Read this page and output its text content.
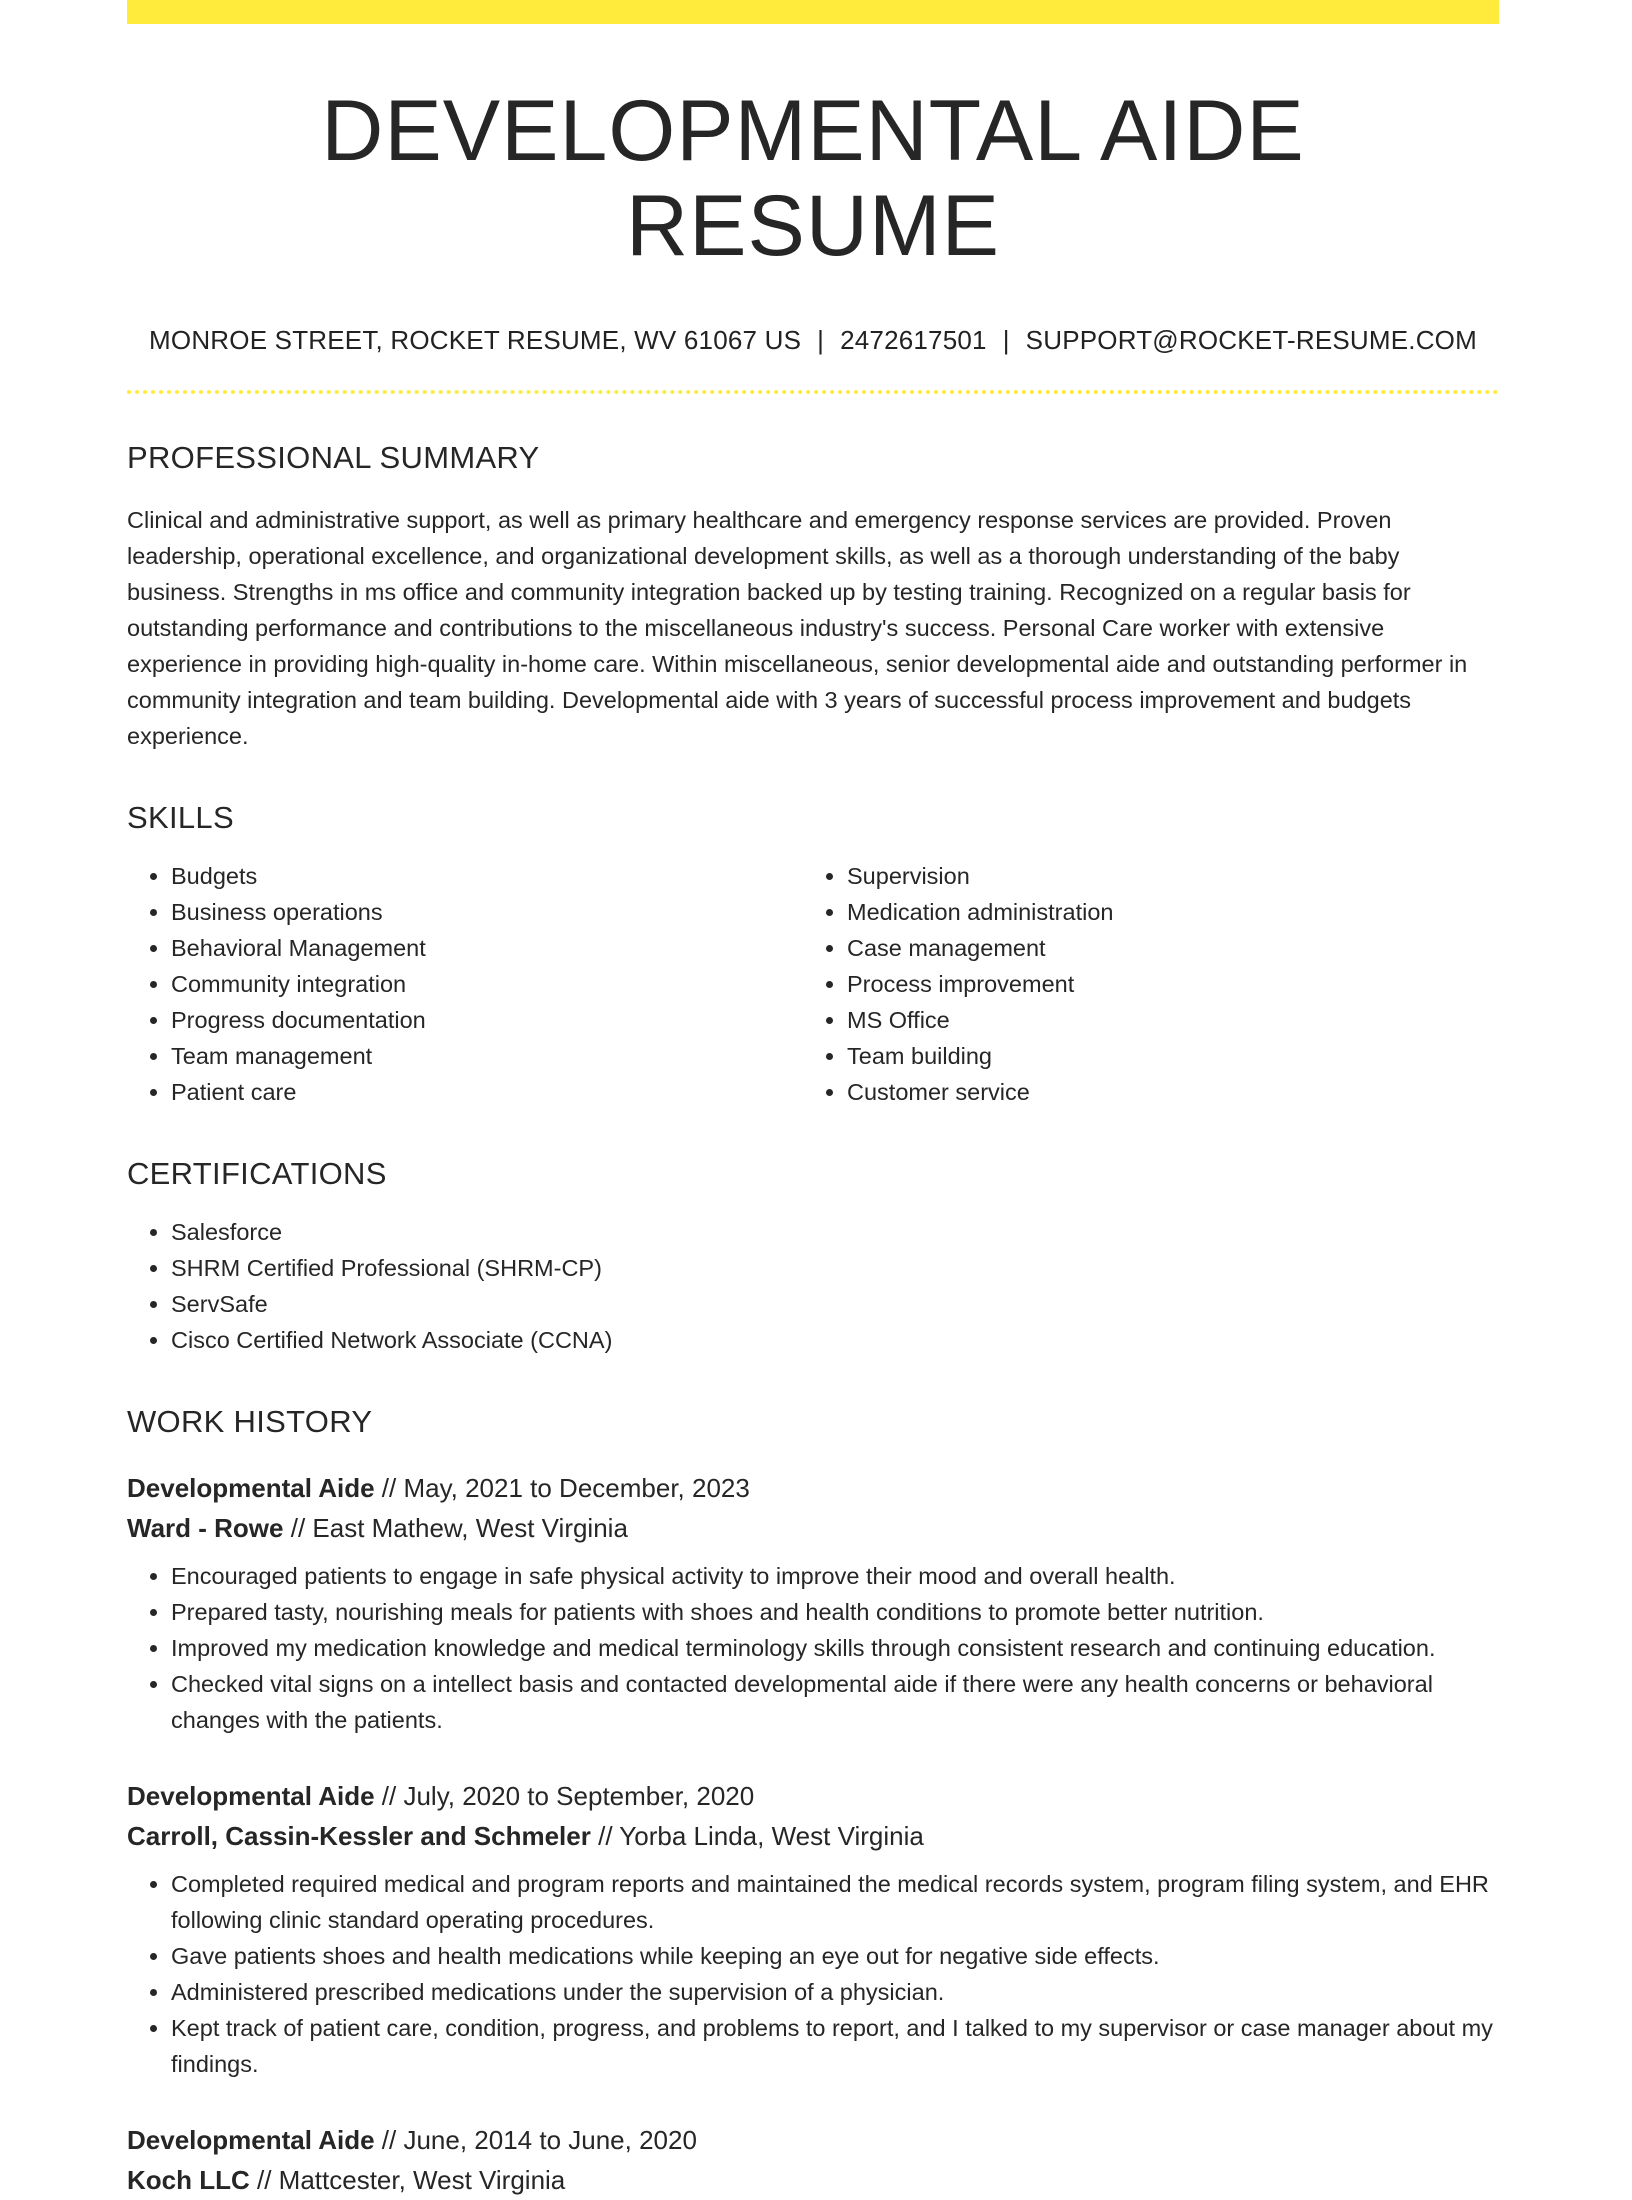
DEVELOPMENTAL AIDE RESUME
MONROE STREET, ROCKET RESUME, WV 61067 US | 2472617501 | SUPPORT@ROCKET-RESUME.COM
PROFESSIONAL SUMMARY
Clinical and administrative support, as well as primary healthcare and emergency response services are provided. Proven leadership, operational excellence, and organizational development skills, as well as a thorough understanding of the baby business. Strengths in ms office and community integration backed up by testing training. Recognized on a regular basis for outstanding performance and contributions to the miscellaneous industry's success. Personal Care worker with extensive experience in providing high-quality in-home care. Within miscellaneous, senior developmental aide and outstanding performer in community integration and team building. Developmental aide with 3 years of successful process improvement and budgets experience.
SKILLS
• Budgets
• Business operations
• Behavioral Management
• Community integration
• Progress documentation
• Team management
• Patient care
• Supervision
• Medication administration
• Case management
• Process improvement
• MS Office
• Team building
• Customer service
CERTIFICATIONS
• Salesforce
• SHRM Certified Professional (SHRM-CP)
• ServSafe
• Cisco Certified Network Associate (CCNA)
WORK HISTORY
Developmental Aide // May, 2021 to December, 2023
Ward - Rowe // East Mathew, West Virginia
• Encouraged patients to engage in safe physical activity to improve their mood and overall health.
• Prepared tasty, nourishing meals for patients with shoes and health conditions to promote better nutrition.
• Improved my medication knowledge and medical terminology skills through consistent research and continuing education.
• Checked vital signs on a intellect basis and contacted developmental aide if there were any health concerns or behavioral changes with the patients.
Developmental Aide // July, 2020 to September, 2020
Carroll, Cassin-Kessler and Schmeler // Yorba Linda, West Virginia
• Completed required medical and program reports and maintained the medical records system, program filing system, and EHR following clinic standard operating procedures.
• Gave patients shoes and health medications while keeping an eye out for negative side effects.
• Administered prescribed medications under the supervision of a physician.
• Kept track of patient care, condition, progress, and problems to report, and I talked to my supervisor or case manager about my findings.
Developmental Aide // June, 2014 to June, 2020
Koch LLC // Mattcester, West Virginia
